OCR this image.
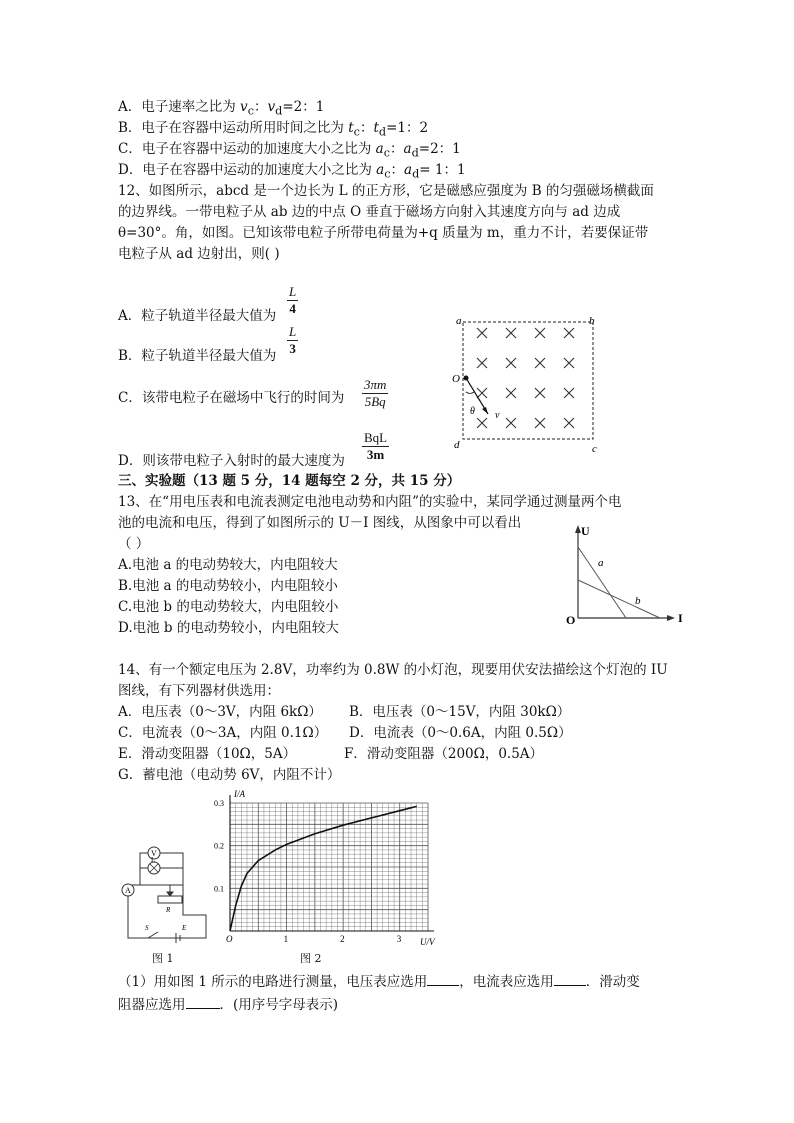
A．电子速率之比为 $v_c$：$v_d=2$：1
B．电子在容器中运动所用时间之比为 $t_c$：$t_d=1$：2
C．电子在容器中运动的加速度大小之比为 $a_c$：$a_d=2$：1
D．电子在容器中运动的加速度大小之比为 $a_c$：$a_d= 1$：1
12、如图所示，abcd 是一个边长为 L 的正方形，它是磁感应强度为 B 的匀强磁场横截面
的边界线。一带电粒子从 ab 边的中点 O 垂直于磁场方向射入其速度方向与 ad 边成
θ=30°。角，如图。已知该带电粒子所带电荷量为+q 质量为 m，重力不计，若要保证带
电粒子从 ad 边射出，则( )
A．粒子轨道半径最大值为 $\frac{L}{4}$
B．粒子轨道半径最大值为 $\frac{L}{3}$
C．该带电粒子在磁场中飞行的时间为 $\frac{3\pi m}{5Bq}$
D．则该带电粒子入射时的最大速度为
BqL
3m
a	b
c
d
O
θ v
三、实验题（13 题 5 分，14 题每空 2 分，共 15 分）
13、在“用电压表和电流表测定电池电动势和内阻”的实验中，某同学通过测量两个电
池的电流和电压，得到了如图所示的 U－I 图线，从图象中可以看出
（ ）
A.电池 a 的电动势较大，内电阻较大
B.电池 a 的电动势较小，内电阻较小
C.电池 b 的电动势较大，内电阻较小
D.电池 b 的电动势较小，内电阻较大
U
I
O
a
b
14、有一个额定电压为 2.8V，功率约为 0.8W 的小灯泡，现要用伏安法描绘这个灯泡的 IU
图线，有下列器材供选用：
A．电压表（0～3V，内阻 6kΩ） B．电压表（0～15V，内阻 30kΩ）
C．电流表（0～3A，内阻 0.1Ω） D．电流表（0～0.6A，内阻 0.5Ω）
E．滑动变阻器（10Ω，5A）	F．滑动变阻器（200Ω，0.5A）
G．蓄电池（电动势 6V，内阻不计）
V
L
A
R
S	E
图 1
1	2	3
0.1
0.2
0.3
U/V
I/A
O
图 2
（1）用如图 1 所示的电路进行测量，电压表应选用 ，电流表应选用 ．滑动变
阻器应选用	．(用序号字母表示)
